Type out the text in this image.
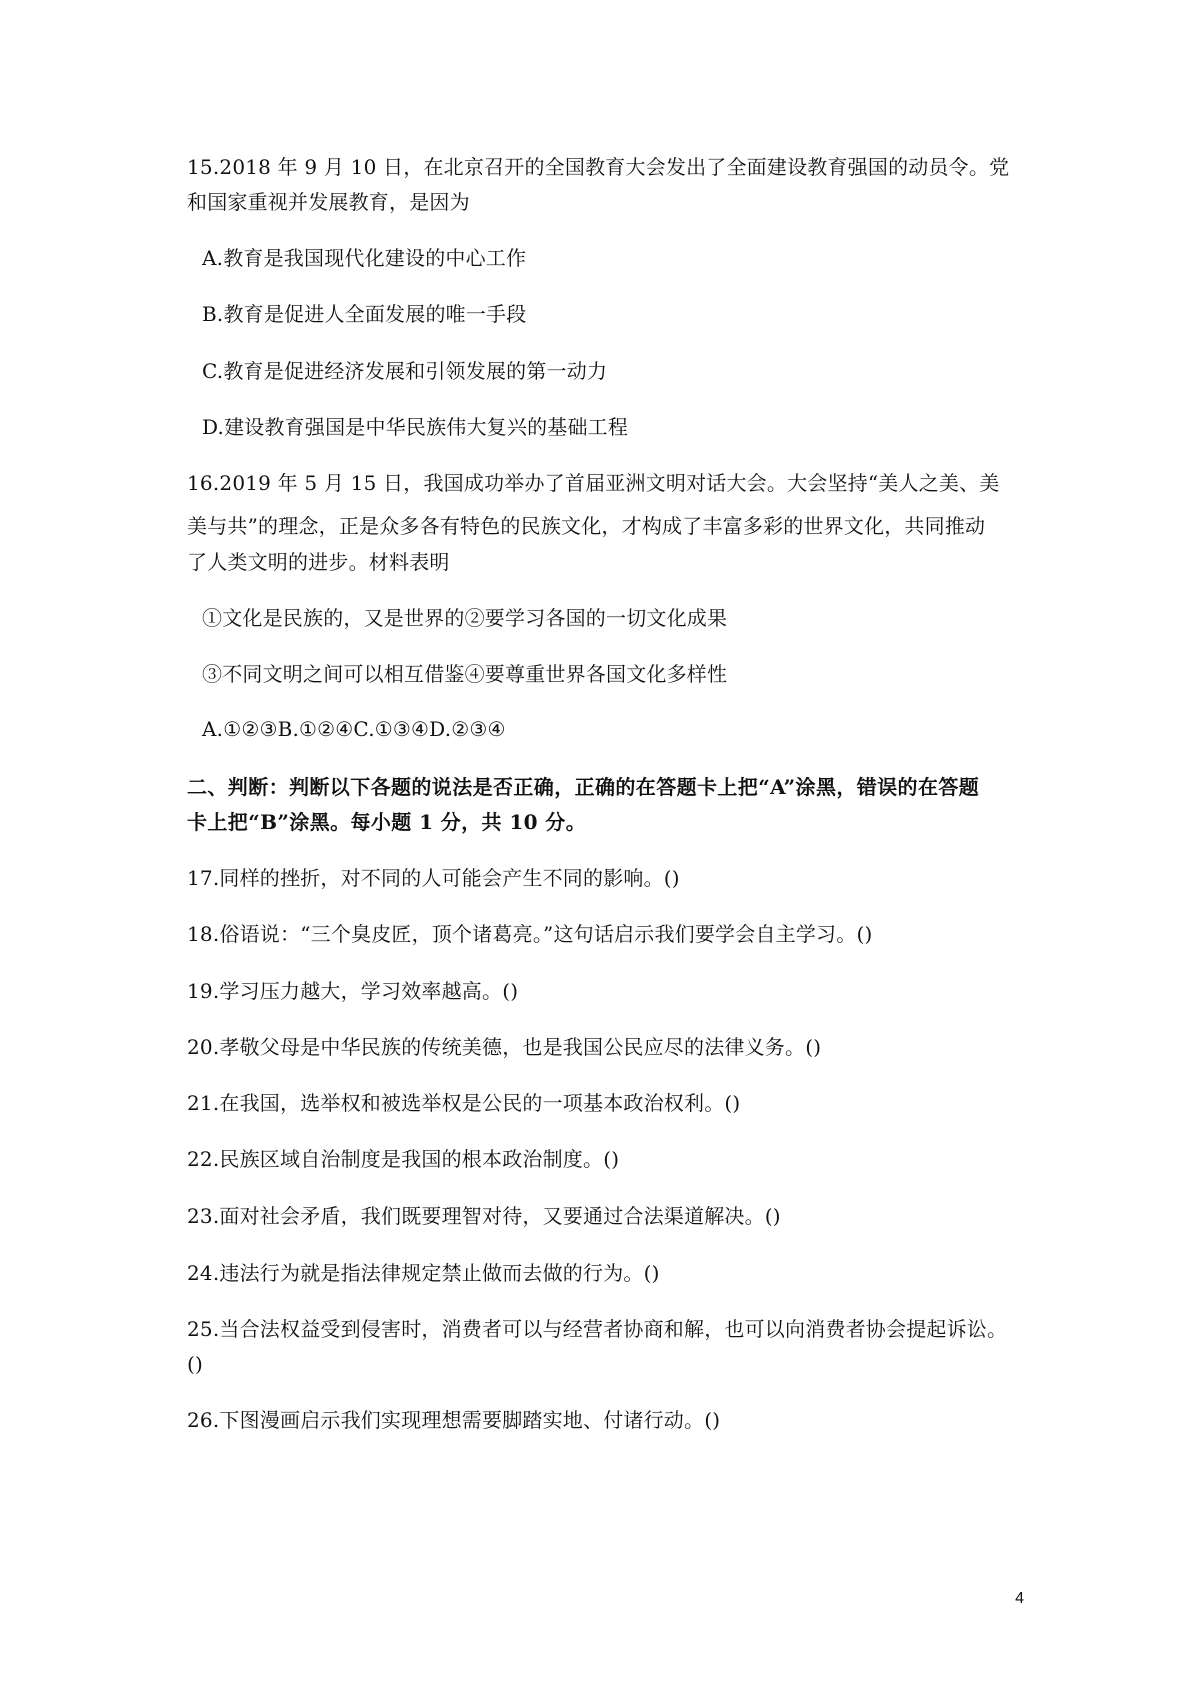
15.2018 年 9 月 10 日，在北京召开的全国教育大会发出了全面建设教育强国的动员令。党
和国家重视并发展教育，是因为
A.教育是我国现代化建设的中心工作
B.教育是促进人全面发展的唯一手段
C.教育是促进经济发展和引领发展的第一动力
D.建设教育强国是中华民族伟大复兴的基础工程
16.2019 年 5 月 15 日，我国成功举办了首届亚洲文明对话大会。大会坚持“美人之美、美
美与共”的理念，正是众多各有特色的民族文化，才构成了丰富多彩的世界文化，共同推动
了人类文明的进步。材料表明
①文化是民族的，又是世界的②要学习各国的一切文化成果
③不同文明之间可以相互借鉴④要尊重世界各国文化多样性
A.①②③B.①②④C.①③④D.②③④
二、判断：判断以下各题的说法是否正确，正确的在答题卡上把“A”涂黑，错误的在答题
卡上把“B”涂黑。每小题 1 分，共 10 分。
17.同样的挫折，对不同的人可能会产生不同的影响。()
18.俗语说：“三个臭皮匠，顶个诸葛亮。”这句话启示我们要学会自主学习。()
19.学习压力越大，学习效率越高。()
20.孝敬父母是中华民族的传统美德，也是我国公民应尽的法律义务。()
21.在我国，选举权和被选举权是公民的一项基本政治权利。()
22.民族区域自治制度是我国的根本政治制度。()
23.面对社会矛盾，我们既要理智对待，又要通过合法渠道解决。()
24.违法行为就是指法律规定禁止做而去做的行为。()
25.当合法权益受到侵害时，消费者可以与经营者协商和解，也可以向消费者协会提起诉讼。
()
26.下图漫画启示我们实现理想需要脚踏实地、付诸行动。()
4
